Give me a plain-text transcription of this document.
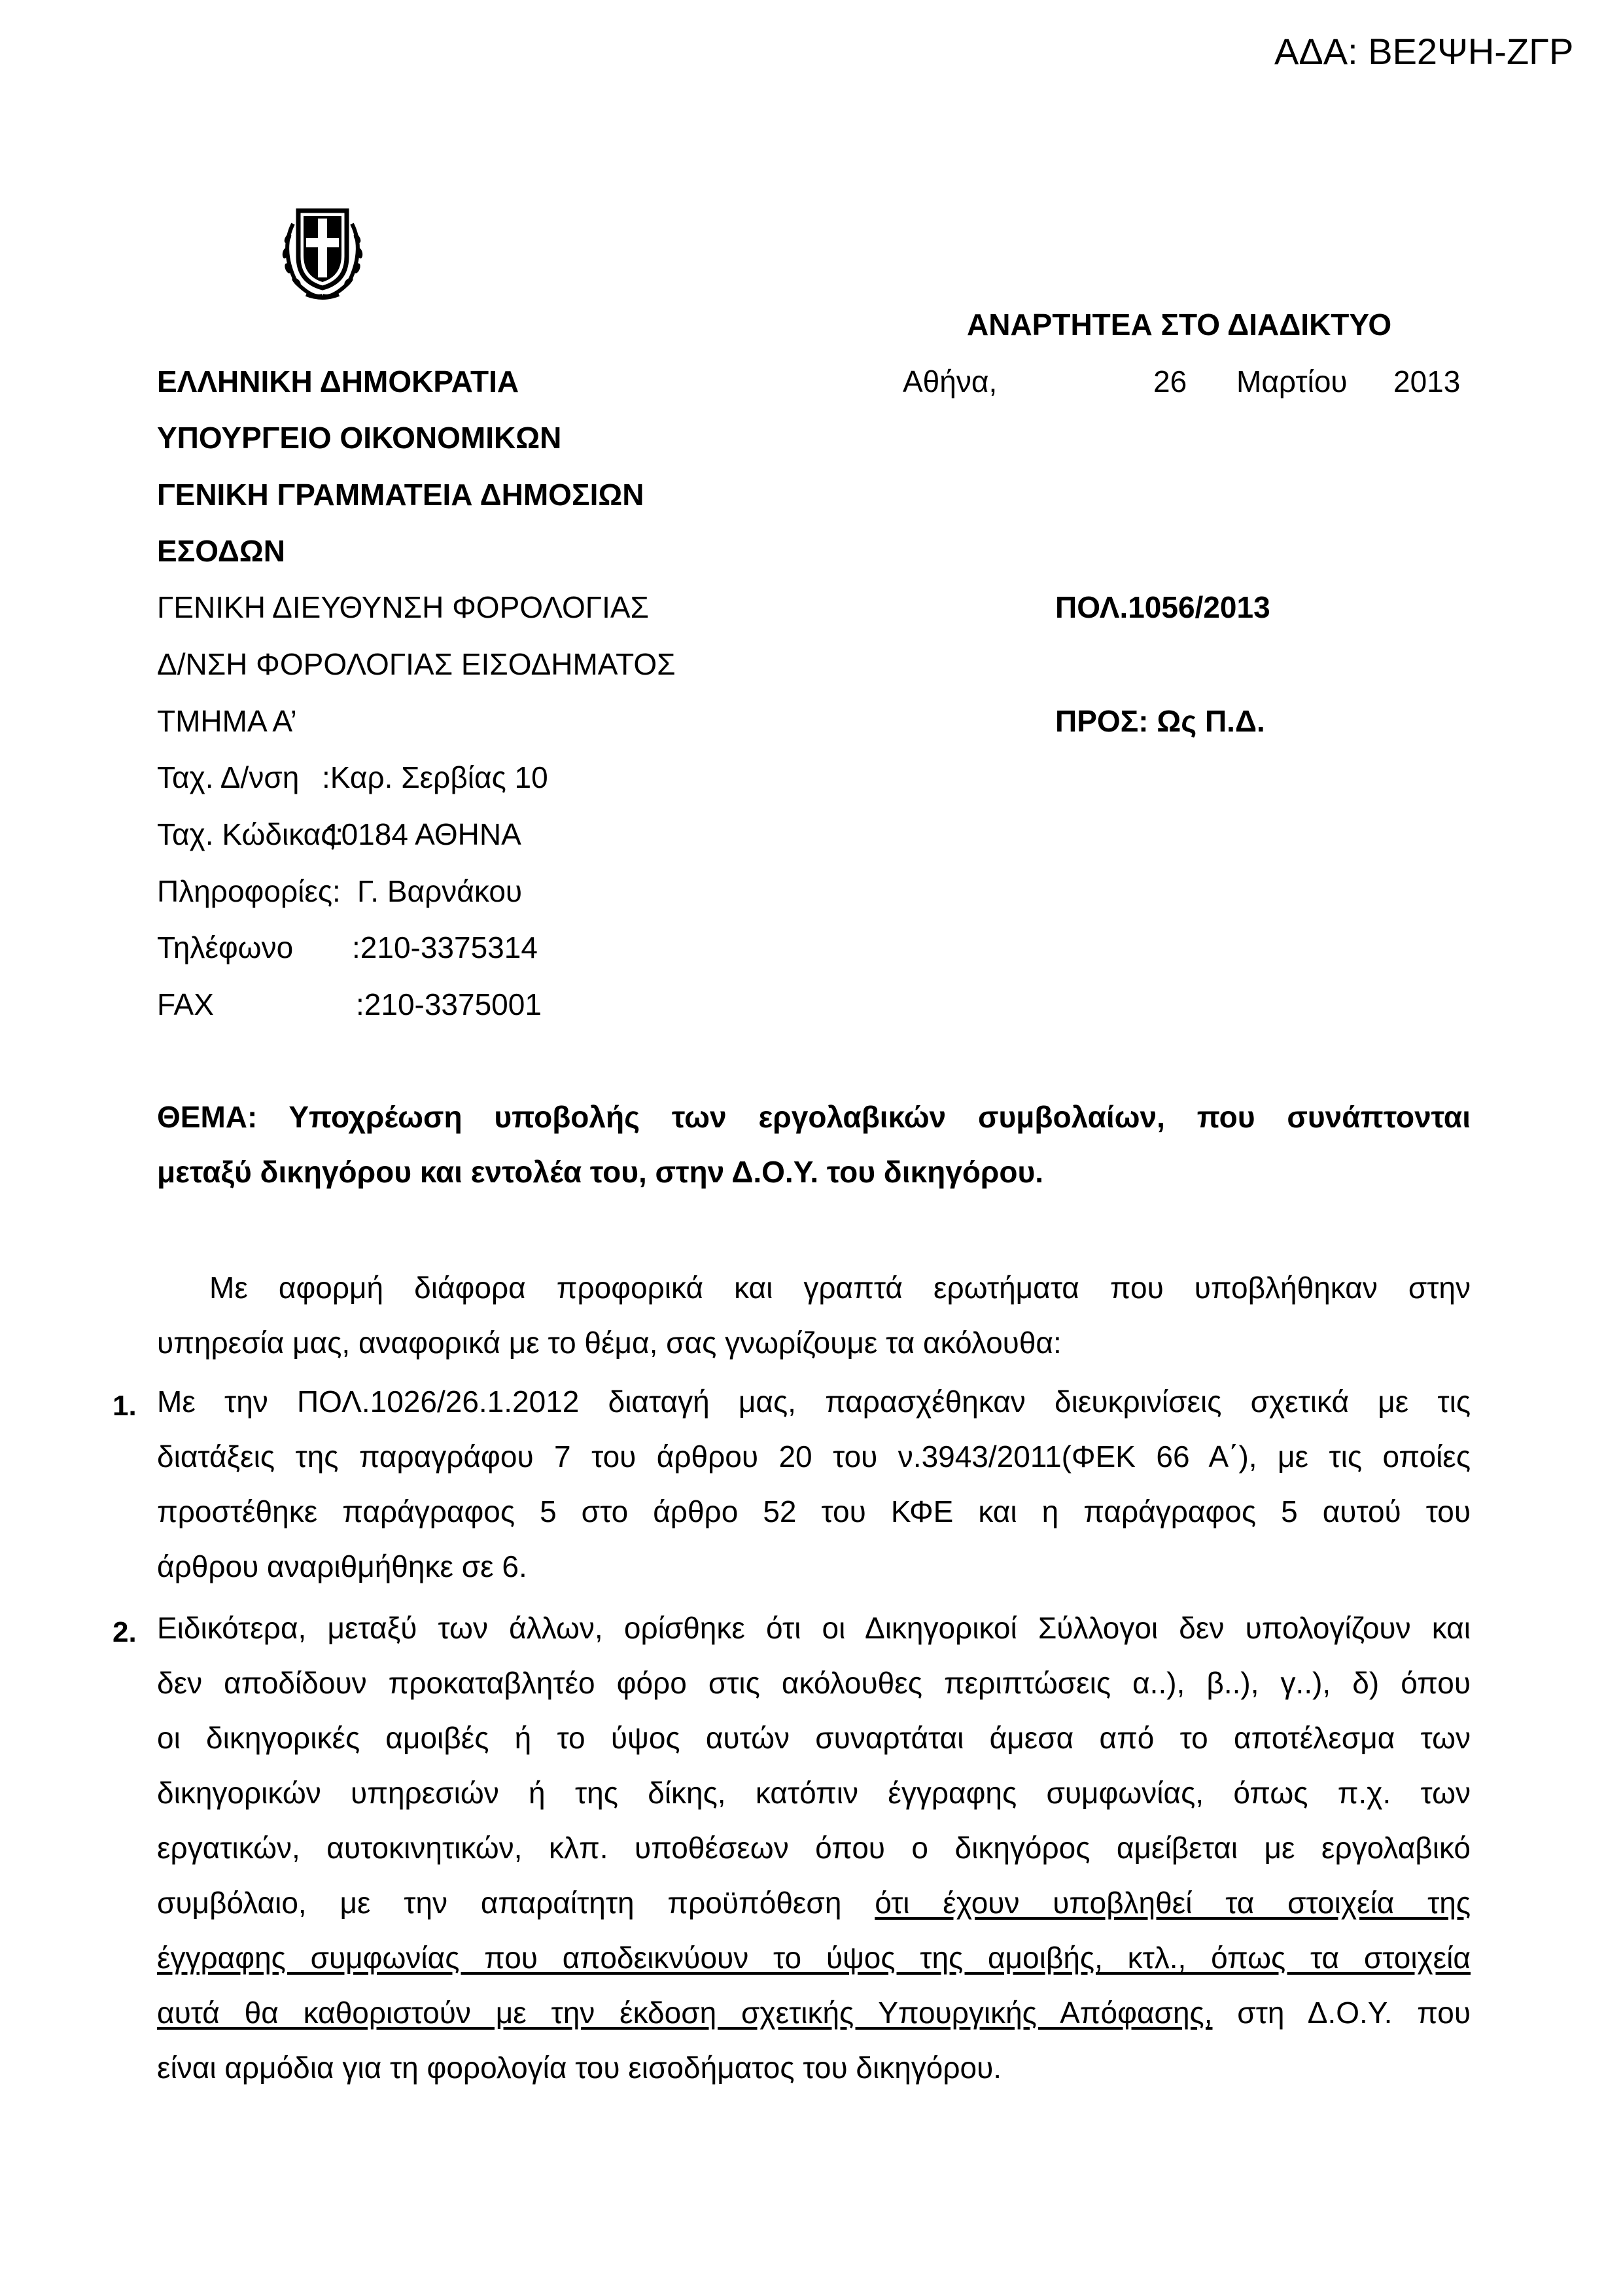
ΑΔΑ: ΒΕ2ΨΗ-ΖΓΡ
ΑΝΑΡΤΗΤΕΑ ΣΤΟ ΔΙΑΔΙΚΤΥΟ
Αθήνα,	26 Μαρτίου 2013
ΕΛΛΗΝΙΚΗ ΔΗΜΟΚΡΑΤΙΑ
ΥΠΟΥΡΓΕΙΟ ΟΙΚΟΝΟΜΙΚΩΝ
ΓΕΝΙΚΗ ΓΡΑΜΜΑΤΕΙΑ ΔΗΜΟΣΙΩΝ
ΕΣΟΔΩΝ
ΓΕΝΙΚΗ ΔΙΕΥΘΥΝΣΗ ΦΟΡΟΛΟΓΙΑΣ
Δ/ΝΣΗ ΦΟΡΟΛΟΓΙΑΣ ΕΙΣΟΔΗΜΑΤΟΣ
ΤΜΗΜΑ Α’
ΠΟΛ.1056/2013
ΠΡΟΣ: Ως Π.Δ.
Ταχ. Δ/νση :Καρ. Σερβίας 10
Ταχ. Κώδικας:
10184 ΑΘΗΝΑ
Πληροφορίες: Γ. Βαρνάκου
Τηλέφωνο :210-3375314
FAX	:210-3375001
ΘΕΜΑ: Υποχρέωση υποβολής των εργολαβικών συμβολαίων, που συνάπτονται
μεταξύ δικηγόρου και εντολέα του, στην Δ.Ο.Υ. του δικηγόρου.
Με αφορμή διάφορα προφορικά και γραπτά ερωτήματα που υποβλήθηκαν στην
υπηρεσία μας, αναφορικά με το θέμα, σας γνωρίζουμε τα ακόλουθα:
1. Με την ΠΟΛ.1026/26.1.2012 διαταγή μας, παρασχέθηκαν διευκρινίσεις σχετικά με τις
διατάξεις της παραγράφου 7 του άρθρου 20 του ν.3943/2011(ΦΕΚ 66 Α΄), με τις οποίες
προστέθηκε παράγραφος 5 στο άρθρο 52 του ΚΦΕ και η παράγραφος 5 αυτού του
άρθρου αναριθμήθηκε σε 6.
2. Ειδικότερα, μεταξύ των άλλων, ορίσθηκε ότι οι Δικηγορικοί Σύλλογοι δεν υπολογίζουν και
δεν αποδίδουν προκαταβλητέο φόρο στις ακόλουθες περιπτώσεις α..), β..), γ..), δ) όπου
οι δικηγορικές αμοιβές ή το ύψος αυτών συναρτάται άμεσα από το αποτέλεσμα των
δικηγορικών υπηρεσιών ή της δίκης, κατόπιν έγγραφης συμφωνίας, όπως π.χ. των
εργατικών, αυτοκινητικών, κλπ. υποθέσεων όπου ο δικηγόρος αμείβεται με εργολαβικό
συμβόλαιο, με την απαραίτητη προϋπόθεση ότι έχουν υποβληθεί τα στοιχεία της
έγγραφης συμφωνίας που αποδεικνύουν το ύψος της αμοιβής, κτλ., όπως τα στοιχεία
αυτά θα καθοριστούν με την έκδοση σχετικής Υπουργικής Απόφασης, στη Δ.Ο.Υ. που
είναι αρμόδια για τη φορολογία του εισοδήματος του δικηγόρου.
